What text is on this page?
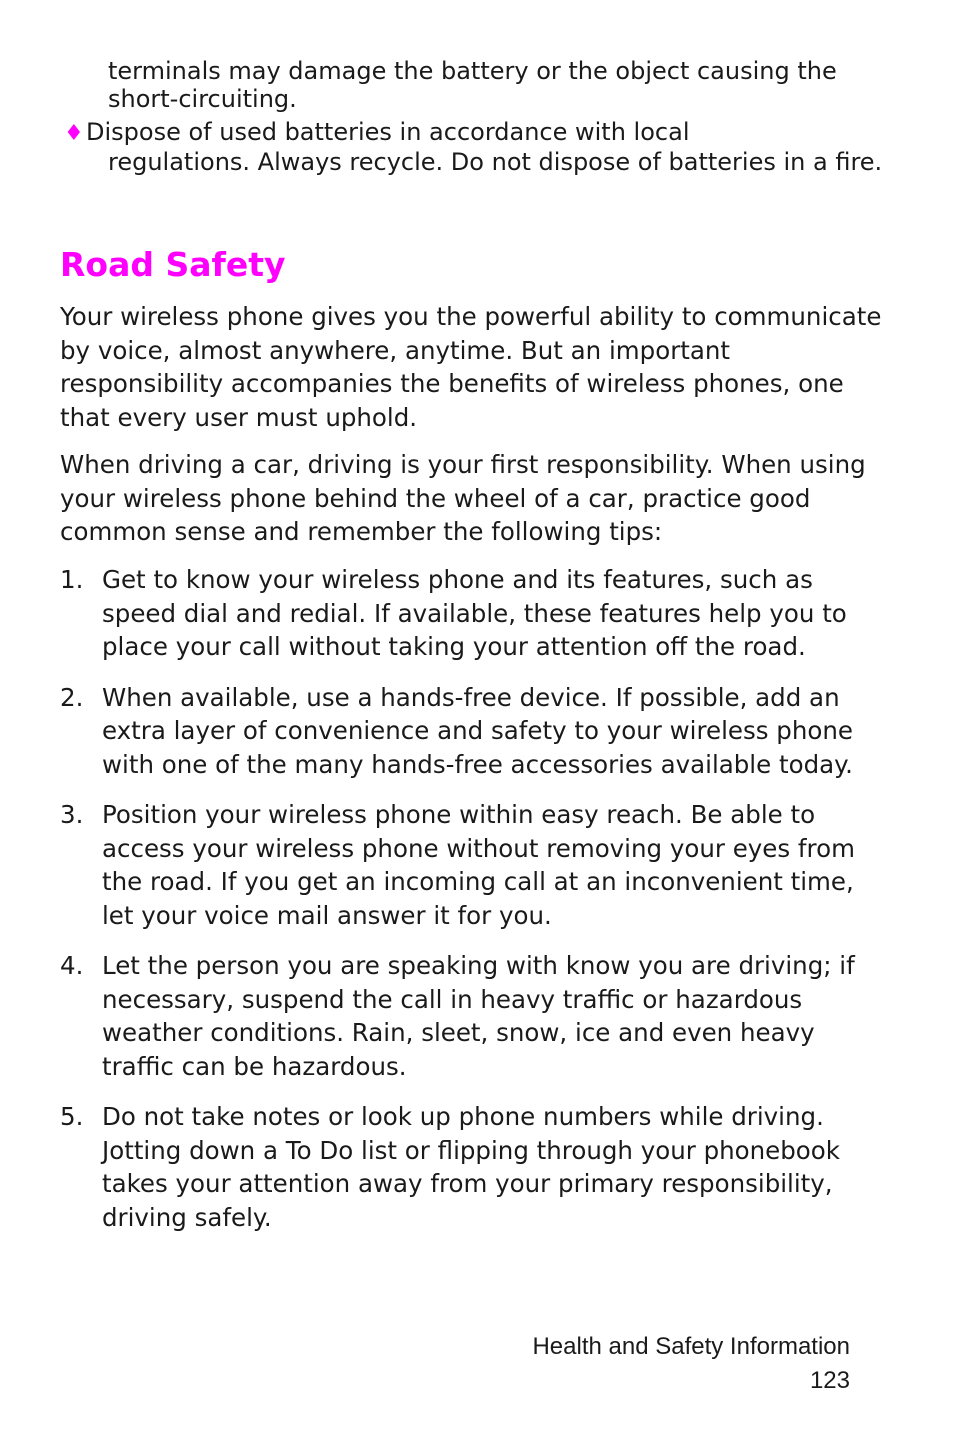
terminals may damage the battery or the object causing the short-circuiting.

♦Dispose of used batteries in accordance with local
regulations. Always recycle. Do not dispose of batteries in a fire.

Road Safety

Your wireless phone gives you the powerful ability to communicate by voice, almost anywhere, anytime. But an important responsibility accompanies the benefits of wireless phones, one that every user must uphold.

When driving a car, driving is your first responsibility. When using your wireless phone behind the wheel of a car, practice good common sense and remember the following tips:

1. Get to know your wireless phone and its features, such as speed dial and redial. If available, these features help you to place your call without taking your attention off the road.
2. When available, use a hands-free device. If possible, add an extra layer of convenience and safety to your wireless phone with one of the many hands-free accessories available today.
3. Position your wireless phone within easy reach. Be able to access your wireless phone without removing your eyes from the road. If you get an incoming call at an inconvenient time, let your voice mail answer it for you.
4. Let the person you are speaking with know you are driving; if necessary, suspend the call in heavy traffic or hazardous weather conditions. Rain, sleet, snow, ice and even heavy traffic can be hazardous.
5. Do not take notes or look up phone numbers while driving. Jotting down a To Do list or flipping through your phonebook takes your attention away from your primary responsibility, driving safely.

Health and Safety Information

123
